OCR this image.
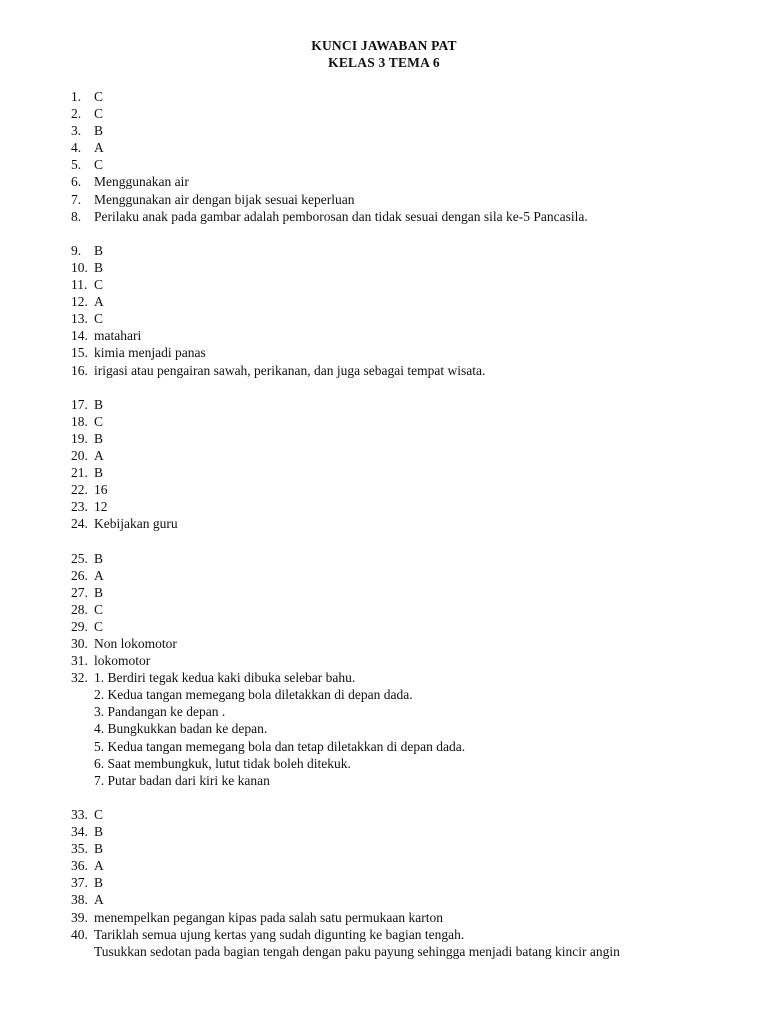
KUNCI JAWABAN PAT
KELAS 3 TEMA 6
1. C
2. C
3. B
4. A
5. C
6. Menggunakan air
7. Menggunakan air dengan bijak sesuai keperluan
8. Perilaku anak pada gambar adalah pemborosan dan tidak sesuai dengan sila ke-5 Pancasila.
9. B
10. B
11. C
12. A
13. C
14. matahari
15. kimia menjadi panas
16. irigasi atau pengairan sawah, perikanan, dan juga sebagai tempat wisata.
17. B
18. C
19. B
20. A
21. B
22. 16
23. 12
24. Kebijakan guru
25. B
26. A
27. B
28. C
29. C
30. Non lokomotor
31. lokomotor
32. 1. Berdiri tegak kedua kaki dibuka selebar bahu.
2. Kedua tangan memegang bola diletakkan di depan dada.
3. Pandangan ke depan .
4. Bungkukkan badan ke depan.
5. Kedua tangan memegang bola dan tetap diletakkan di depan dada.
6. Saat membungkuk, lutut tidak boleh ditekuk.
7. Putar badan dari kiri ke kanan
33. C
34. B
35. B
36. A
37. B
38. A
39. menempelkan pegangan kipas pada salah satu permukaan karton
40. Tariklah semua ujung kertas yang sudah digunting ke bagian tengah.
Tusukkan sedotan pada bagian tengah dengan paku payung sehingga menjadi batang kincir angin
